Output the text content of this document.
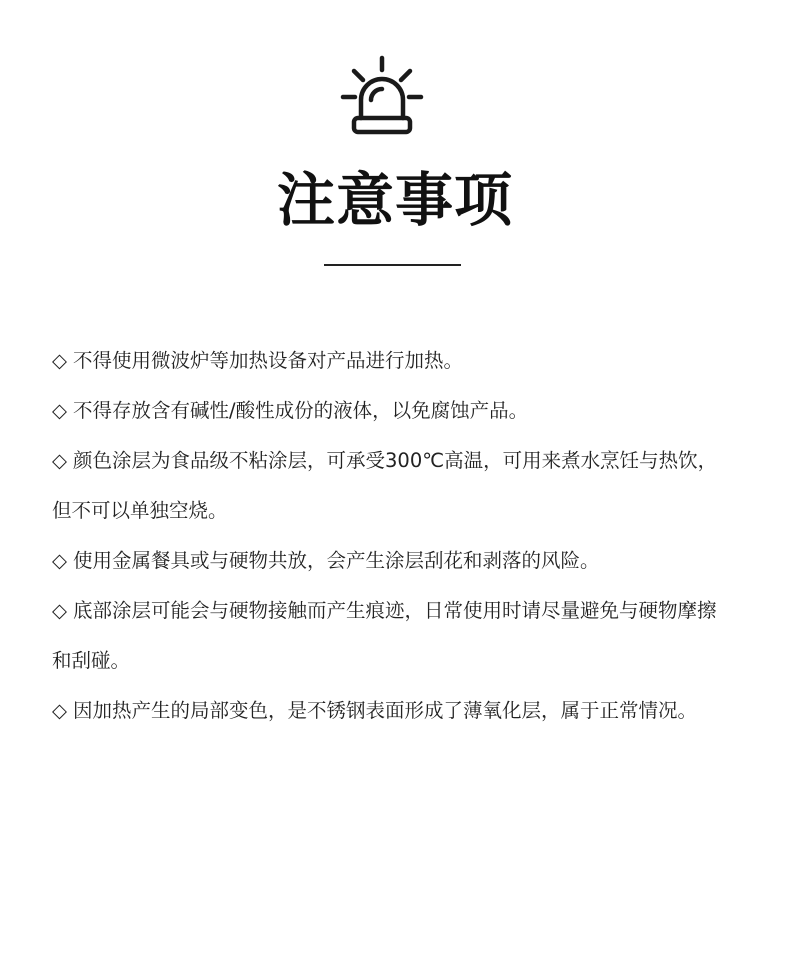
注意事项
◇ 不得使用微波炉等加热设备对产品进行加热。
◇ 不得存放含有碱性/酸性成份的液体，以免腐蚀产品。
◇ 颜色涂层为食品级不粘涂层，可承受300℃高温，可用来煮水烹饪与热饮，但不可以单独空烧。
◇ 使用金属餐具或与硬物共放，会产生涂层刮花和剥落的风险。
◇ 底部涂层可能会与硬物接触而产生痕迹，日常使用时请尽量避免与硬物摩擦和刮碰。
◇ 因加热产生的局部变色，是不锈钢表面形成了薄氧化层，属于正常情况。
